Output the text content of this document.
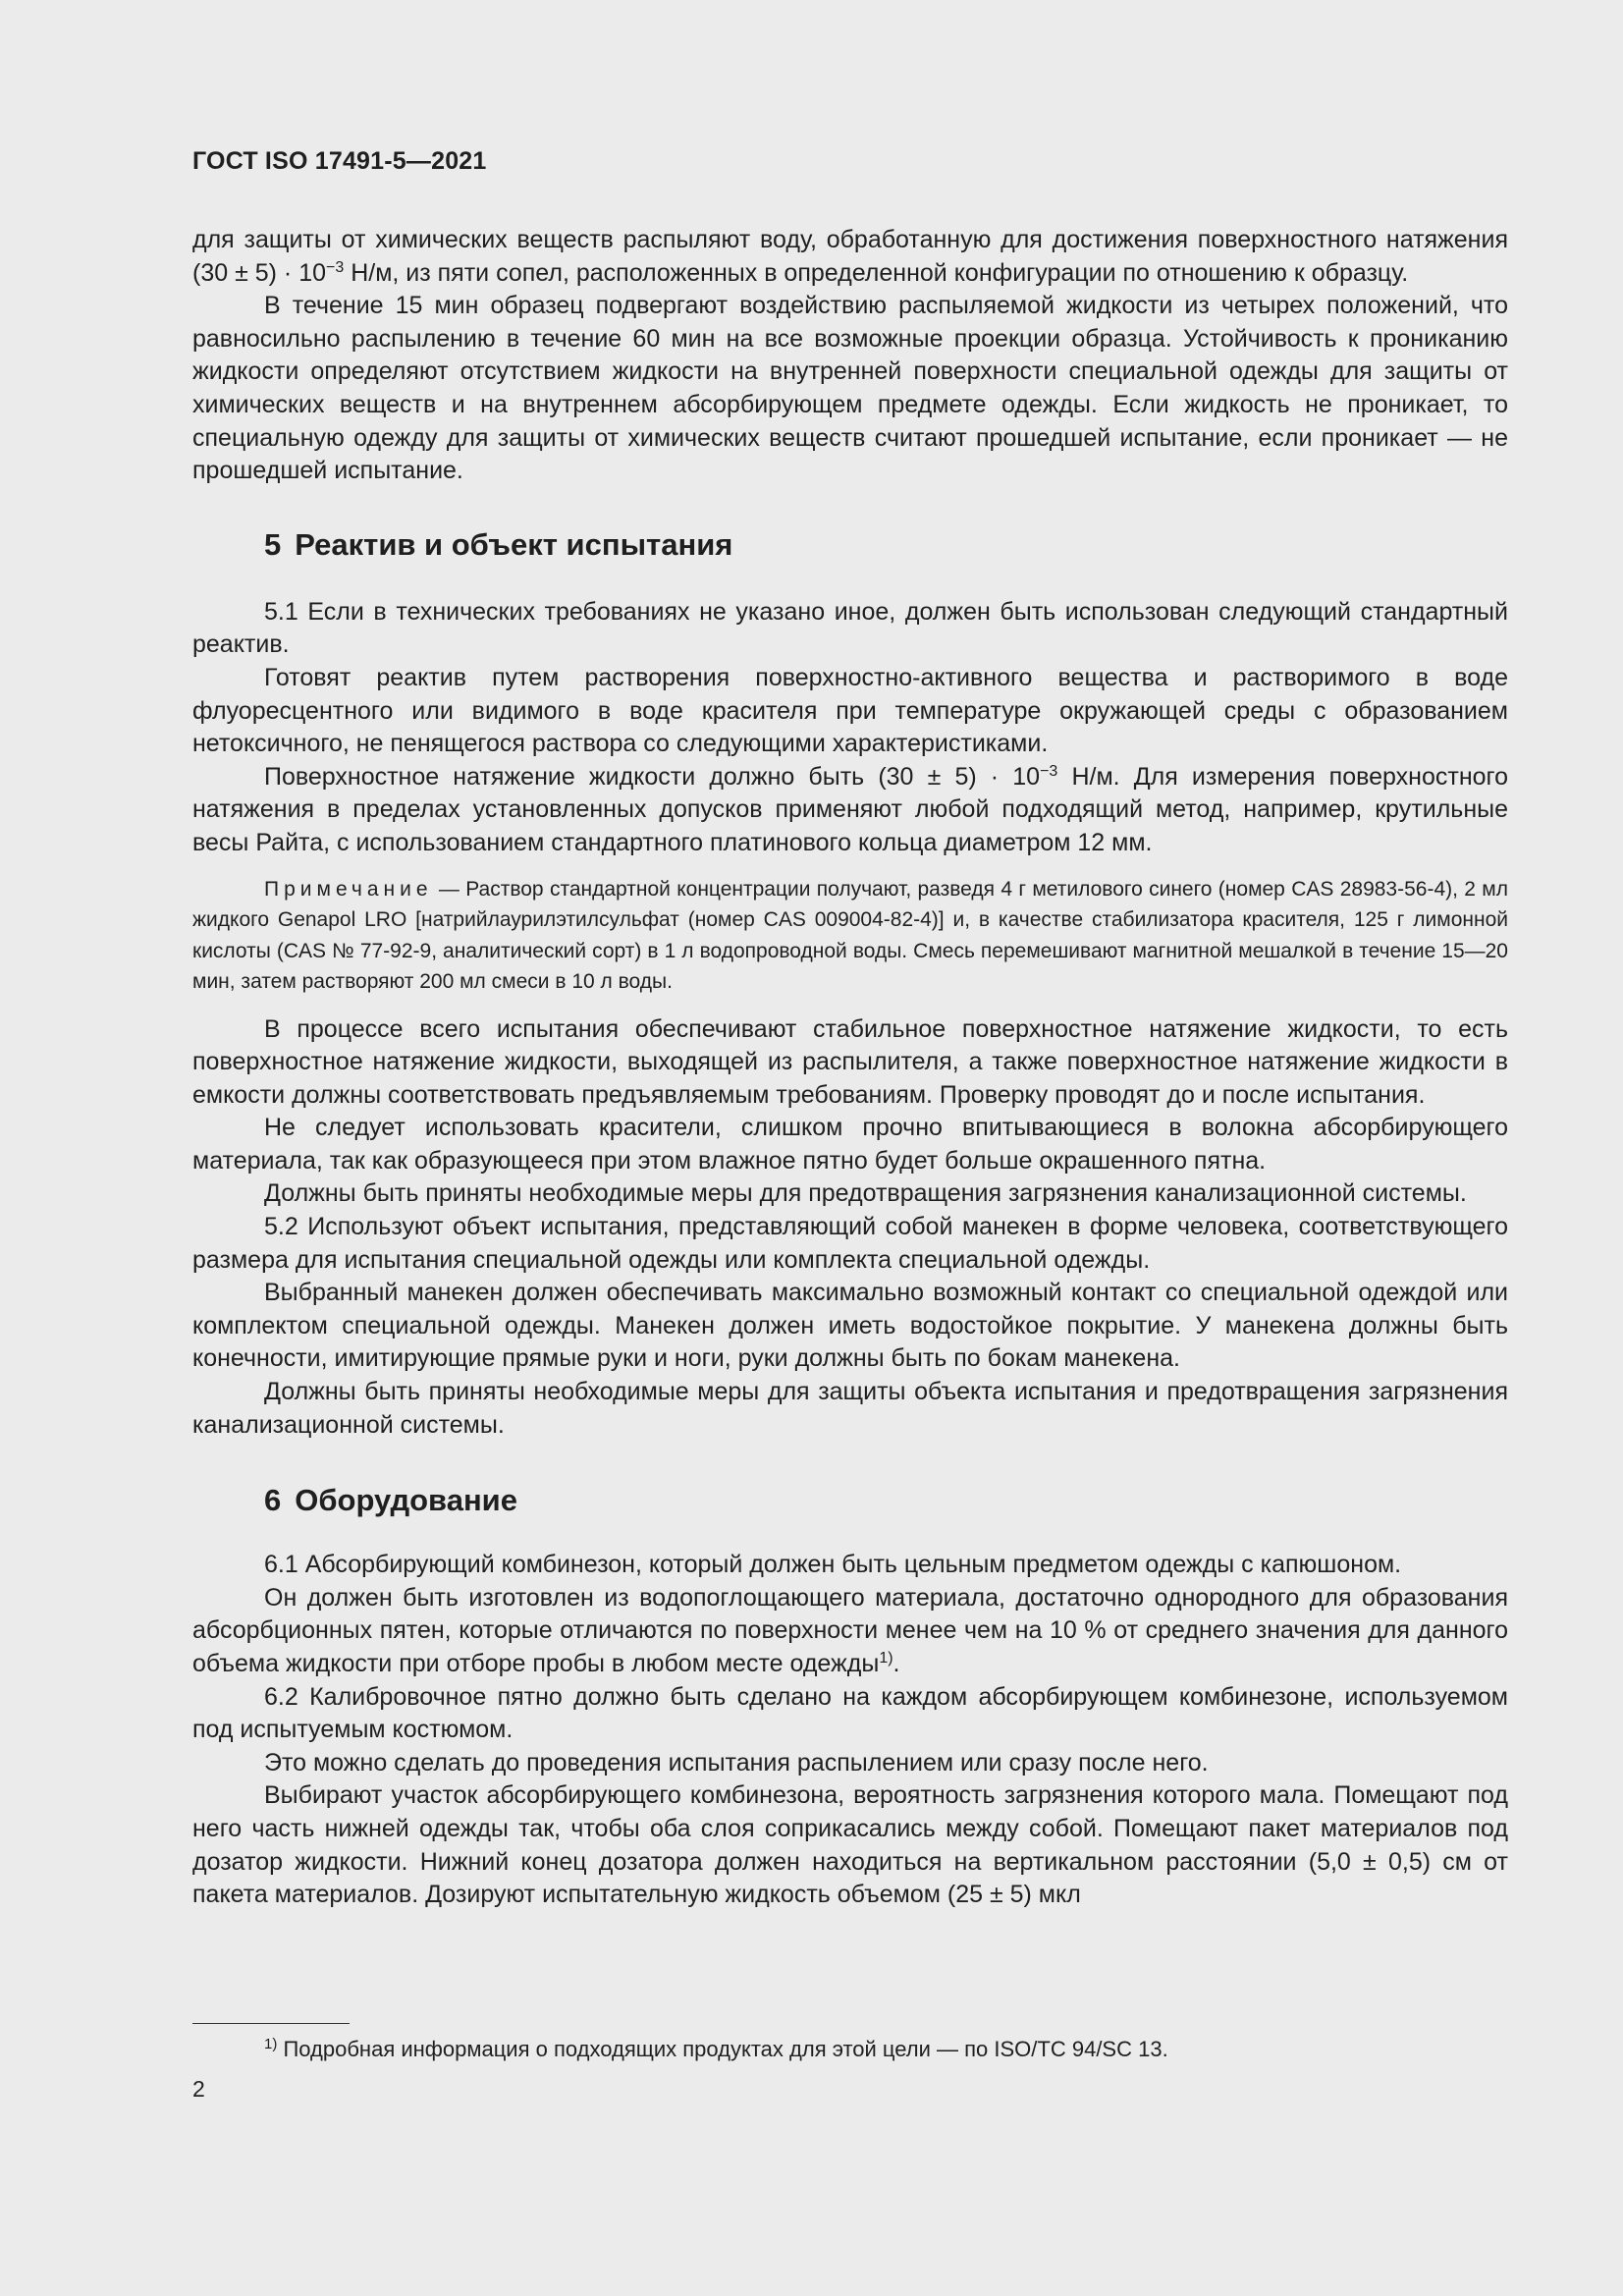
ГОСТ ISO 17491-5—2021

для защиты от химических веществ распыляют воду, обработанную для достижения поверхностного натяжения $(30 \pm 5) \cdot 10^{-3}$ Н/м, из пяти сопел, расположенных в определенной конфигурации по отношению к образцу.

В течение 15 мин образец подвергают воздействию распыляемой жидкости из четырех положений, что равносильно распылению в течение 60 мин на все возможные проекции образца. Устойчивость к прониканию жидкости определяют отсутствием жидкости на внутренней поверхности специальной одежды для защиты от химических веществ и на внутреннем абсорбирующем предмете одежды. Если жидкость не проникает, то специальную одежду для защиты от химических веществ считают прошедшей испытание, если проникает — не прошедшей испытание.

5 Реактив и объект испытания

5.1 Если в технических требованиях не указано иное, должен быть использован следующий стандартный реактив.

Готовят реактив путем растворения поверхностно-активного вещества и растворимого в воде флуоресцентного или видимого в воде красителя при температуре окружающей среды с образованием нетоксичного, не пенящегося раствора со следующими характеристиками.

Поверхностное натяжение жидкости должно быть $(30 \pm 5) \cdot 10^{-3}$ Н/м. Для измерения поверхностного натяжения в пределах установленных допусков применяют любой подходящий метод, например, крутильные весы Райта, с использованием стандартного платинового кольца диаметром 12 мм.

Примечание — Раствор стандартной концентрации получают, разведя 4 г метилового синего (номер CAS 28983-56-4), 2 мл жидкого Genapol LRO [натрийлаурилэтилсульфат (номер CAS 009004-82-4)] и, в качестве стабилизатора красителя, 125 г лимонной кислоты (CAS № 77-92-9, аналитический сорт) в 1 л водопроводной воды. Смесь перемешивают магнитной мешалкой в течение 15—20 мин, затем растворяют 200 мл смеси в 10 л воды.

В процессе всего испытания обеспечивают стабильное поверхностное натяжение жидкости, то есть поверхностное натяжение жидкости, выходящей из распылителя, а также поверхностное натяжение жидкости в емкости должны соответствовать предъявляемым требованиям. Проверку проводят до и после испытания.

Не следует использовать красители, слишком прочно впитывающиеся в волокна абсорбирующего материала, так как образующееся при этом влажное пятно будет больше окрашенного пятна.

Должны быть приняты необходимые меры для предотвращения загрязнения канализационной системы.

5.2 Используют объект испытания, представляющий собой манекен в форме человека, соответствующего размера для испытания специальной одежды или комплекта специальной одежды.

Выбранный манекен должен обеспечивать максимально возможный контакт со специальной одеждой или комплектом специальной одежды. Манекен должен иметь водостойкое покрытие. У манекена должны быть конечности, имитирующие прямые руки и ноги, руки должны быть по бокам манекена.

Должны быть приняты необходимые меры для защиты объекта испытания и предотвращения загрязнения канализационной системы.

6 Оборудование

6.1 Абсорбирующий комбинезон, который должен быть цельным предметом одежды с капюшоном.

Он должен быть изготовлен из водопоглощающего материала, достаточно однородного для образования абсорбционных пятен, которые отличаются по поверхности менее чем на 10 % от среднего значения для данного объема жидкости при отборе пробы в любом месте одежды$^{1)}$.

6.2 Калибровочное пятно должно быть сделано на каждом абсорбирующем комбинезоне, используемом под испытуемым костюмом.

Это можно сделать до проведения испытания распылением или сразу после него.

Выбирают участок абсорбирующего комбинезона, вероятность загрязнения которого мала. Помещают под него часть нижней одежды так, чтобы оба слоя соприкасались между собой. Помещают пакет материалов под дозатор жидкости. Нижний конец дозатора должен находиться на вертикальном расстоянии (5,0 ± 0,5) см от пакета материалов. Дозируют испытательную жидкость объемом (25 ± 5) мкл

$^{1)}$ Подробная информация о подходящих продуктах для этой цели — по ISO/TC 94/SC 13.
2
